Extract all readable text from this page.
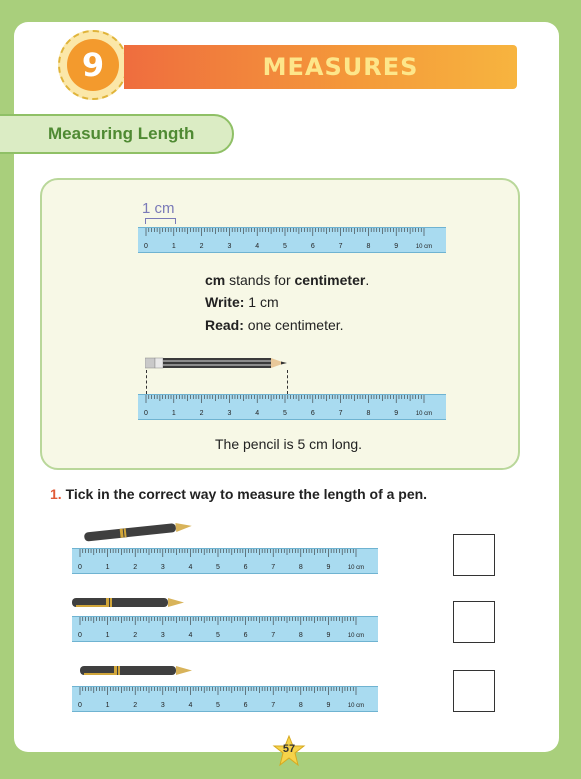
9	MEASURES
Measuring Length
1 cm
0	1	2	3	4	5	6	7	8	9	10 cm
cm stands for centimeter.
Write: 1 cm
Read: one centimeter.
0	1	2	3	4	5	6	7	8	9	10 cm
The pencil is 5 cm long.
1. Tick in the correct way to measure the length of a pen.
0	1	2	3	4	5	6	7	8	9	10 cm
0	1	2	3	4	5	6	7	8	9	10 cm
0	1	2	3	4	5	6	7	8	9	10 cm
57
